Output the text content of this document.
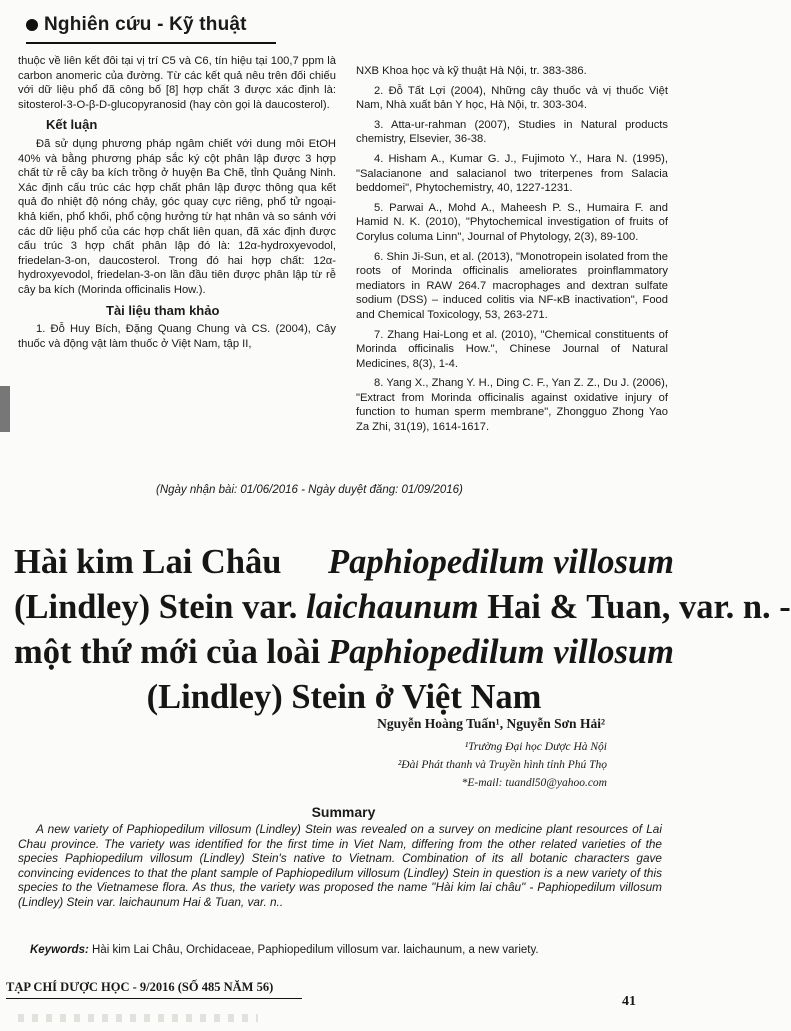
Nghiên cứu - Kỹ thuật

thuộc về liên kết đôi tại vị trí C5 và C6, tín hiệu tại 100,7 ppm là carbon anomeric của đường. Từ các kết quả nêu trên đối chiếu với dữ liệu phổ đã công bố [8] hợp chất 3 được xác định là: sitosterol-3-O-β-D-glucopyranosid (hay còn gọi là daucosterol).

Kết luận

Đã sử dụng phương pháp ngâm chiết với dung môi EtOH 40% và bằng phương pháp sắc ký cột phân lập được 3 hợp chất từ rễ cây ba kích trồng ở huyện Ba Chẽ, tỉnh Quảng Ninh. Xác định cấu trúc các hợp chất phân lập được thông qua kết quả đo nhiệt độ nóng chảy, góc quay cực riêng, phổ tử ngoại- khả kiến, phổ khối, phổ cộng hưởng từ hạt nhân và so sánh với các dữ liệu phổ của các hợp chất liên quan, đã xác định được cấu trúc 3 hợp chất phân lập đó là: 12α-hydroxyevodol, friedelan-3-on, daucosterol. Trong đó hai hợp chất: 12α-hydroxyevodol, friedelan-3-on lần đầu tiên được phân lập từ rễ cây ba kích (Morinda officinalis How.).

Tài liệu tham khảo

1. Đỗ Huy Bích, Đặng Quang Chung và CS. (2004), Cây thuốc và động vật làm thuốc ở Việt Nam, tập II,

NXB Khoa học và kỹ thuật Hà Nội, tr. 383-386.

2. Đỗ Tất Lợi (2004), Những cây thuốc và vị thuốc Việt Nam, Nhà xuất bản Y học, Hà Nội, tr. 303-304.

3. Atta-ur-rahman (2007), Studies in Natural products chemistry, Elsevier, 36-38.

4. Hisham A., Kumar G. J., Fujimoto Y., Hara N. (1995), "Salacianone and salacianol two triterpenes from Salacia beddomei", Phytochemistry, 40, 1227-1231.

5. Parwai A., Mohd A., Maheesh P. S., Humaira F. and Hamid N. K. (2010), "Phytochemical investigation of fruits of Corylus columa Linn", Journal of Phytology, 2(3), 89-100.

6. Shin Ji-Sun, et al. (2013), "Monotropein isolated from the roots of Morinda officinalis ameliorates proinflammatory mediators in RAW 264.7 macrophages and dextran sulfate sodium (DSS) – induced colitis via NF-κB inactivation", Food and Chemical Toxicology, 53, 263-271.

7. Zhang Hai-Long et al. (2010), "Chemical constituents of Morinda officinalis How.", Chinese Journal of Natural Medicines, 8(3), 1-4.

8. Yang X., Zhang Y. H., Ding C. F., Yan Z. Z., Du J. (2006), "Extract from Morinda officinalis against oxidative injury of function to human sperm membrane", Zhongguo Zhong Yao Za Zhi, 31(19), 1614-1617.

(Ngày nhận bài: 01/06/2016 - Ngày duyệt đăng: 01/09/2016)
Hài kim Lai Châu Paphiopedilum villosum
(Lindley) Stein var. laichaunum Hai & Tuan, var. n. -
một thứ mới của loài Paphiopedilum villosum
(Lindley) Stein ở Việt Nam
Nguyễn Hoàng Tuấn¹, Nguyễn Sơn Hải²
¹Trường Đại học Dược Hà Nội
²Đài Phát thanh và Truyền hình tỉnh Phú Thọ
*E-mail: tuandl50@yahoo.com
Summary

A new variety of Paphiopedilum villosum (Lindley) Stein was revealed on a survey on medicine plant resources of Lai Chau province. The variety was identified for the first time in Viet Nam, differing from the other related varieties of the species Paphiopedilum villosum (Lindley) Stein's native to Vietnam. Combination of its all botanic characters gave convincing evidences to that the plant sample of Paphiopedilum villosum (Lindley) Stein in question is a new variety of this species to the Vietnamese flora. As thus, the variety was proposed the name "Hài kim lai châu" - Paphiopedilum villosum (Lindley) Stein var. laichaunum Hai & Tuan, var. n..

Keywords: Hài kim Lai Châu, Orchidaceae, Paphiopedilum villosum var. laichaunum, a new variety.
TẠP CHÍ DƯỢC HỌC - 9/2016 (SỐ 485 NĂM 56)
41
